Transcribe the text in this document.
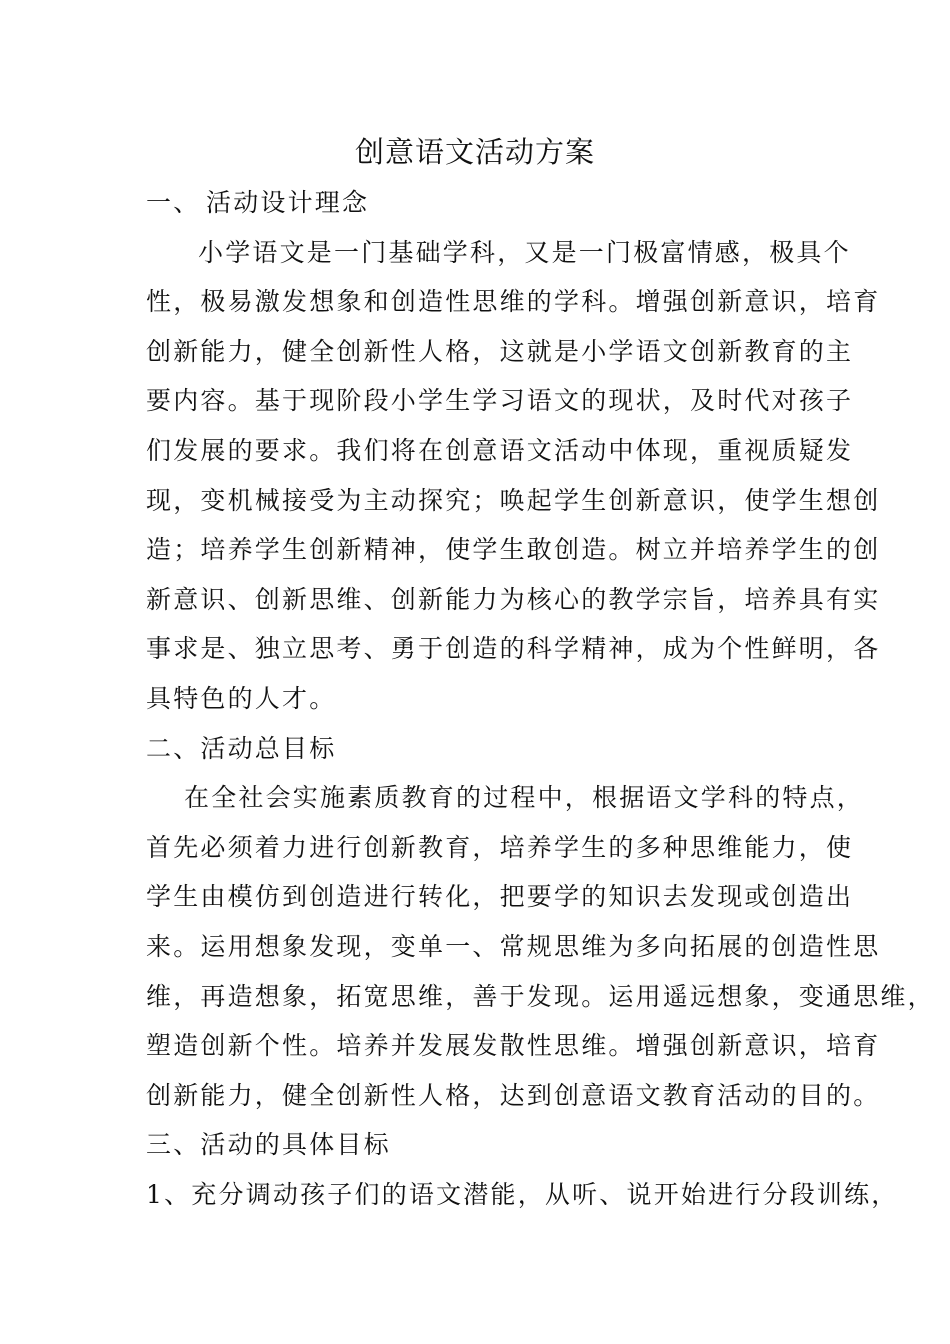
创意语文活动方案
一、 活动设计理念
小学语文是一门基础学科，又是一门极富情感，极具个
性，极易激发想象和创造性思维的学科。增强创新意识，培育
创新能力，健全创新性人格，这就是小学语文创新教育的主
要内容。基于现阶段小学生学习语文的现状，及时代对孩子
们发展的要求。我们将在创意语文活动中体现，重视质疑发
现，变机械接受为主动探究；唤起学生创新意识，使学生想创
造；培养学生创新精神，使学生敢创造。树立并培养学生的创
新意识、创新思维、创新能力为核心的教学宗旨，培养具有实
事求是、独立思考、勇于创造的科学精神，成为个性鲜明，各
具特色的人才。
二、活动总目标
在全社会实施素质教育的过程中，根据语文学科的特点，
首先必须着力进行创新教育，培养学生的多种思维能力，使
学生由模仿到创造进行转化，把要学的知识去发现或创造出
来。运用想象发现，变单一、常规思维为多向拓展的创造性思
维，再造想象，拓宽思维，善于发现。运用遥远想象，变通思维，
塑造创新个性。培养并发展发散性思维。增强创新意识，培育
创新能力，健全创新性人格，达到创意语文教育活动的目的。
三、活动的具体目标
1、充分调动孩子们的语文潜能，从听、说开始进行分段训练，
